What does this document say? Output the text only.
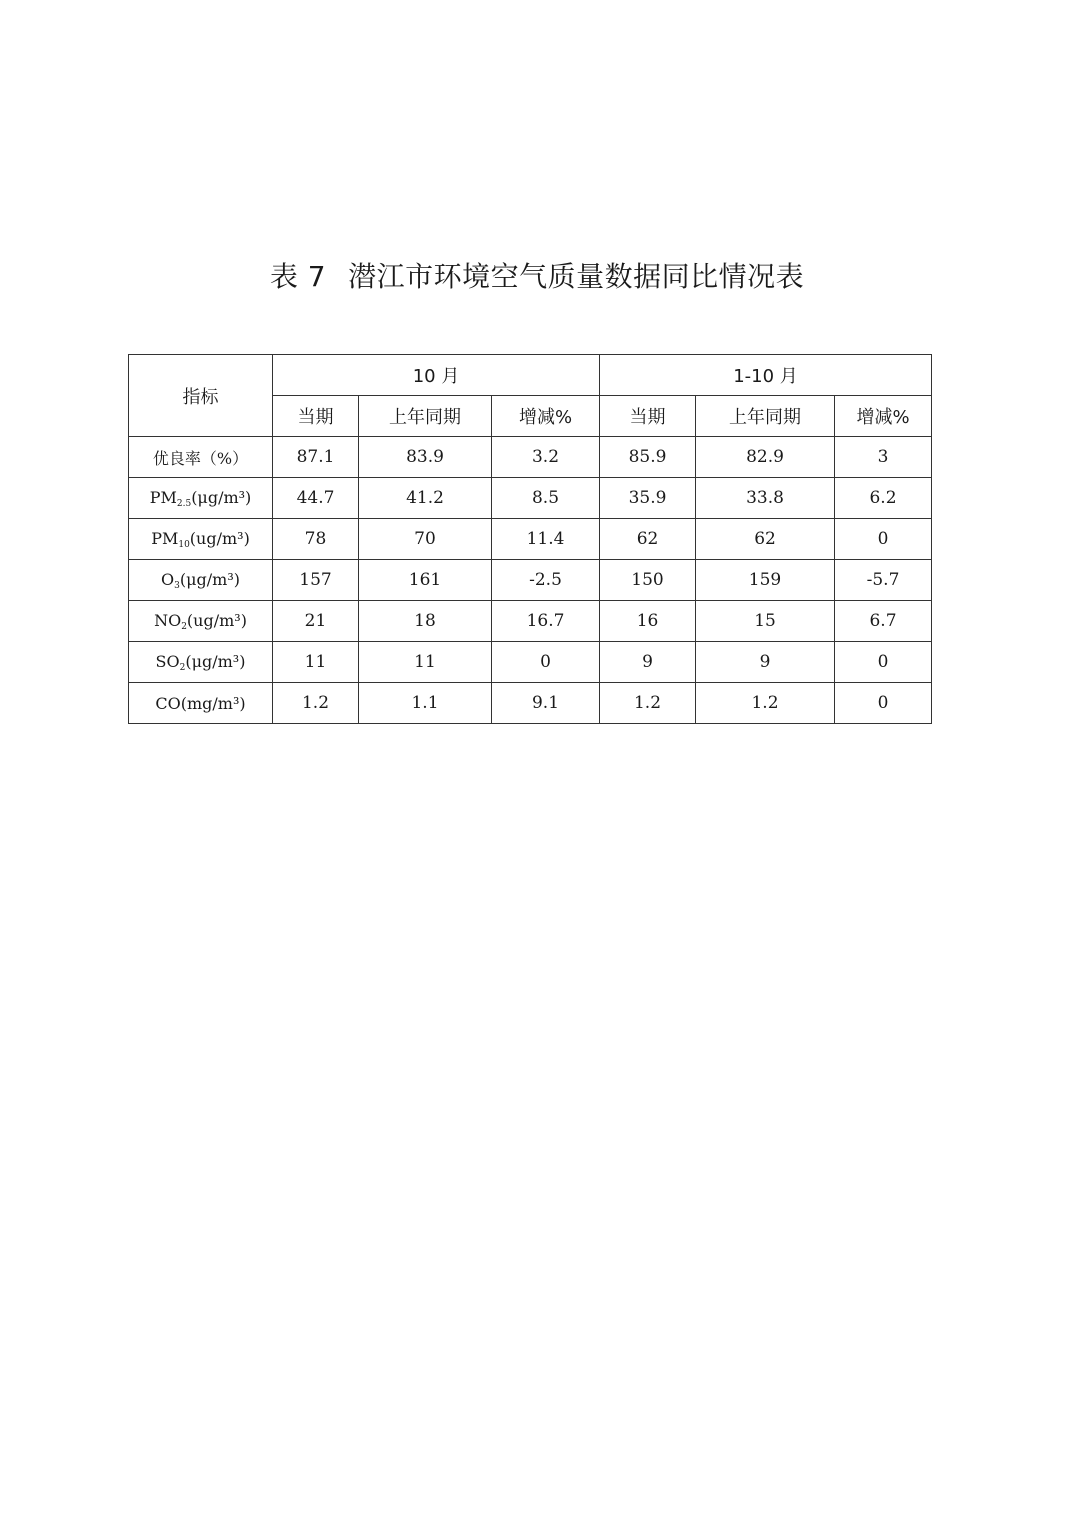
表 7 潜江市环境空气质量数据同比情况表
指标	10 月			1-10 月		
	当期	上年同期	增减%	当期	上年同期	增减%
优良率（%）	87.1	83.9	3.2	85.9	82.9	3
$PM_{2.5}(\mu g/m^3)$	44.7	41.2	8.5	35.9	33.8	6.2
$PM_{10}(ug/m^3)$	78	70	11.4	62	62	0
$O_3(\mu g/m^3)$	157	161	-2.5	150	159	-5.7
$NO_2(ug/m^3)$	21	18	16.7	16	15	6.7
$SO_2(\mu g/m^3)$	11	11	0	9	9	0
CO(mg/m³)	1.2	1.1	9.1	1.2	1.2	0
